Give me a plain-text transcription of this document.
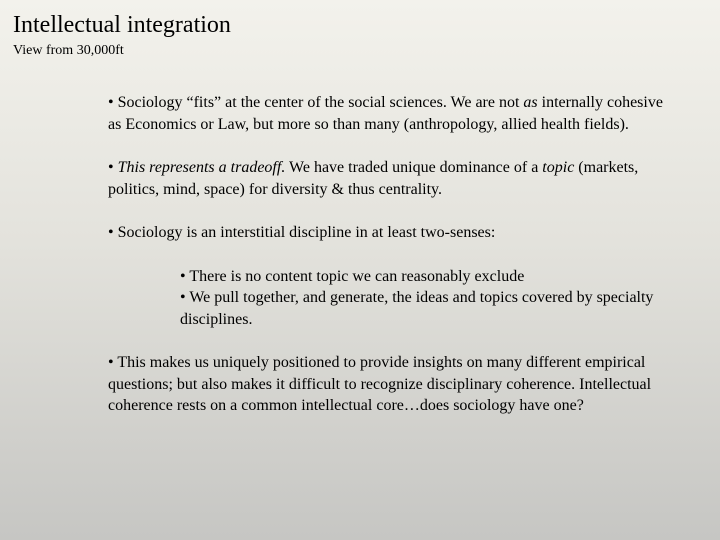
Intellectual integration
View from 30,000ft

• Sociology “fits” at the center of the social sciences. We are not as internally cohesive as Economics or Law, but more so than many (anthropology, allied health fields).

• This represents a tradeoff. We have traded unique dominance of a topic (markets, politics, mind, space) for diversity & thus centrality.

• Sociology is an interstitial discipline in at least two-senses:

• There is no content topic we can reasonably exclude

• We pull together, and generate, the ideas and topics covered by specialty disciplines.

• This makes us uniquely positioned to provide insights on many different empirical questions; but also makes it difficult to recognize disciplinary coherence. Intellectual coherence rests on a common intellectual core…does sociology have one?
